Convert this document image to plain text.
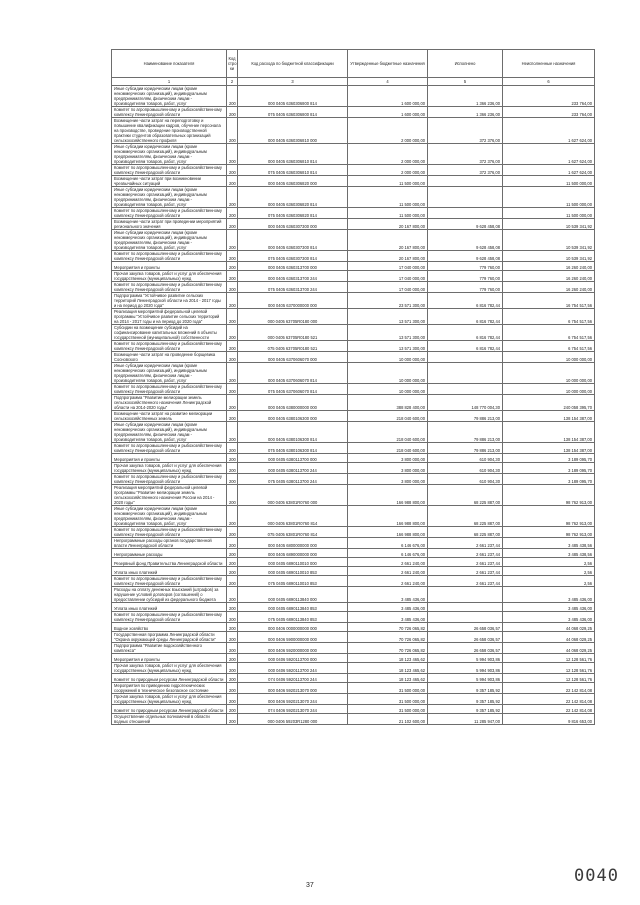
Наименование показателя	Код стро ки	Код расхода по бюджетной классификации	Утвержденные бюджетные назначения	Исполнено	Неисполненные назначения
1	2	3	4	5	6
Иные субсидии юридическим лицам (кроме некоммерческих организаций), индивидуальным предпринимателям, физическим лицам - производителям товаров, работ, услуг	200	000 0405 6360306800 814	1 600 000,00	1 366 236,00	233 764,00
Комитет по агропромышленному и рыбохозяйственному комплексу Ленинградской области	200	075 0405 6360306800 814	1 600 000,00	1 366 236,00	233 764,00
Возмещение части затрат на переподготовку и повышение квалификации кадров, обучение персонала на производстве, проведение производственной практики студентов образовательных организаций сельскохозяйственного профиля	200	000 0405 6360306810 000	2 000 000,00	372 376,00	1 627 624,00
Иные субсидии юридическим лицам (кроме некоммерческих организаций), индивидуальным предпринимателям, физическим лицам - производителям товаров, работ, услуг	200	000 0405 6360306810 814	2 000 000,00	372 376,00	1 627 624,00
Комитет по агропромышленному и рыбохозяйственному комплексу Ленинградской области	200	075 0405 6360306810 814	2 000 000,00	372 376,00	1 627 624,00
Возмещение части затрат при возникновении чрезвычайных ситуаций	200	000 0405 6360306820 000	11 500 000,00		11 500 000,00
Иные субсидии юридическим лицам (кроме некоммерческих организаций), индивидуальным предпринимателям, физическим лицам - производителям товаров, работ, услуг	200	000 0405 6360306820 814	11 500 000,00		11 500 000,00
Комитет по агропромышленному и рыбохозяйственному комплексу Ленинградской области	200	075 0405 6360306820 814	11 500 000,00		11 500 000,00
Возмещение части затрат при проведении мероприятий регионального значения	200	000 0405 6360307300 000	20 167 800,00	9 628 458,08	10 539 341,92
Иные субсидии юридическим лицам (кроме некоммерческих организаций), индивидуальным предпринимателям, физическим лицам - производителям товаров, работ, услуг	200	000 0405 6360307300 814	20 167 800,00	9 628 458,08	10 539 341,92
Комитет по агропромышленному и рыбохозяйственному комплексу Ленинградской области	200	075 0405 6360307300 814	20 167 800,00	9 628 458,08	10 539 341,92
Мероприятия и проекты	200	000 0405 6360313700 000	17 040 000,00	779 760,00	16 260 240,00
Прочая закупка товаров, работ и услуг для обеспечения государственных (муниципальных) нужд	200	000 0405 6360313700 244	17 040 000,00	779 760,00	16 260 240,00
Комитет по агропромышленному и рыбохозяйственному комплексу Ленинградской области	200	075 0405 6360313700 244	17 040 000,00	779 760,00	16 260 240,00
Подпрограмма "Устойчивое развитие сельских территорий Ленинградской области на 2014 - 2017 годы и на период до 2020 года"	200	000 0405 6370000000 000	23 571 300,00	6 816 782,44	16 754 517,56
Реализация мероприятий федеральной целевой программы "Устойчивое развитие сельских территорий на 2014 - 2017 годы и на период до 2020 года"	200	000 0405 63705R0180 000	13 571 300,00	6 816 782,44	6 754 517,56
Субсидии на возмещение субсидий на софинансирование капитальных вложений в объекты государственной (муниципальной) собственности	200	000 0405 63705R0180 521	13 571 300,00	6 816 782,44	6 754 517,56
Комитет по агропромышленному и рыбохозяйственному комплексу Ленинградской области	200	075 0405 63705R0180 521	13 571 300,00	6 816 782,44	6 754 517,56
Возмещение части затрат на проведение борщевика Сосновского	200	000 0405 6370606070 000	10 000 000,00		10 000 000,00
Иные субсидии юридическим лицам (кроме некоммерческих организаций), индивидуальным предпринимателям, физическим лицам - производителям товаров, работ, услуг	200	000 0405 6370606070 814	10 000 000,00		10 000 000,00
Комитет по агропромышленному и рыбохозяйственному комплексу Ленинградской области	200	075 0405 6370606070 814	10 000 000,00		10 000 000,00
Подпрограмма "Развитие мелиорации земель сельскохозяйственного назначения Ленинградской области на 2014-2020 годы"	200	000 0405 6380000000 000	388 828 400,00	148 770 004,30	240 058 395,70
Возмещение части затрат на развитие мелиорации сельскохозяйственных земель	200	000 0405 6380106300 000	218 040 600,00	79 886 213,00	138 154 387,00
Иные субсидии юридическим лицам (кроме некоммерческих организаций), индивидуальным предпринимателям, физическим лицам - производителям товаров, работ, услуг	200	000 0405 6380106300 814	218 040 600,00	79 886 213,00	138 154 387,00
Комитет по агропромышленному и рыбохозяйственному комплексу Ленинградской области	200	075 0405 6380106300 814	218 040 600,00	79 886 213,00	138 154 387,00
Мероприятия и проекты	200	000 0405 6380113700 000	3 800 000,00	610 904,30	3 189 095,70
Прочая закупка товаров, работ и услуг для обеспечения государственных (муниципальных) нужд	200	000 0405 6380113700 244	3 800 000,00	610 904,30	3 189 095,70
Комитет по агропромышленному и рыбохозяйственному комплексу Ленинградской области	200	075 0405 6380113700 244	3 800 000,00	610 904,30	3 189 095,70
Реализация мероприятий федеральной целевой программы "Развитие мелиорации земель сельскохозяйственного назначения России на 2014 - 2020 годы"	200	000 0405 63801R0760 000	166 988 800,00	68 225 887,00	98 762 913,00
Иные субсидии юридическим лицам (кроме некоммерческих организаций), индивидуальным предпринимателям, физическим лицам - производителям товаров, работ, услуг	200	000 0405 63801R0760 814	166 988 800,00	68 225 887,00	98 762 913,00
Комитет по агропромышленному и рыбохозяйственному комплексу Ленинградской области	200	075 0405 63801R0760 814	166 988 800,00	68 225 887,00	98 762 913,00
Непрограммные расходы органов государственной власти Ленинградской области	200	000 0405 6800000000 000	6 146 676,00	2 661 237,44	3 485 438,56
Непрограммные расходы	200	000 0405 6890000000 000	6 146 676,00	2 661 237,44	3 485 438,56
Резервный фонд Правительства Ленинградской области	200	000 0405 6890110010 000	2 661 240,00	2 661 237,44	2,56
Уплата иных платежей	200	000 0405 6890110010 853	2 661 240,00	2 661 237,44	2,56
Комитет по агропромышленному и рыбохозяйственному комплексу Ленинградской области	200	075 0405 6890110010 853	2 661 240,00	2 661 237,44	2,56
Расходы на оплату денежных взысканий (штрафов) за нарушение условий договоров (соглашений) о предоставлении субсидий из федерального бюджета	200	000 0405 6890113840 000	3 485 436,00		3 485 436,00
Уплата иных платежей	200	000 0405 6890113840 853	3 485 436,00		3 485 436,00
Комитет по агропромышленному и рыбохозяйственному комплексу Ленинградской области	200	075 0405 6890113840 853	3 485 436,00		3 485 436,00
Водное хозяйство	200	000 0406 0000000000 000	70 726 065,82	26 658 036,57	44 068 029,25
Государственная программа Ленинградской области "Охрана окружающей среды Ленинградской области"	200	000 0406 5900000000 000	70 726 065,82	26 658 036,57	44 068 029,25
Подпрограмма "Развитие водохозяйственного комплекса"	200	000 0406 5920000000 000	70 726 065,82	26 658 036,57	44 068 029,25
Мероприятия и проекты	200	000 0406 5920113700 000	18 123 465,62	5 994 903,86	12 128 561,76
Прочая закупка товаров, работ и услуг для обеспечения государственных (муниципальных) нужд	200	000 0406 5920113700 244	18 123 465,62	5 994 903,86	12 128 561,76
Комитет по природным ресурсам Ленинградской области	200	074 0406 5920113700 244	18 123 465,62	5 994 903,86	12 128 561,76
Мероприятия по приведению гидротехнических сооружений в техническое безопасное состояние	200	000 0406 5920213070 000	31 500 000,00	9 357 185,92	22 142 814,08
Прочая закупка товаров, работ и услуг для обеспечения государственных (муниципальных) нужд	200	000 0406 5920213070 244	31 500 000,00	9 357 185,92	22 142 814,08
Комитет по природным ресурсам Ленинградской области	200	074 0406 5920213070 244	31 500 000,00	9 357 185,92	22 142 814,08
Осуществление отдельных полномочий в области водных отношений	200	000 0406 59203R1280 000	21 102 600,00	11 285 947,00	9 816 653,00
37	0040
